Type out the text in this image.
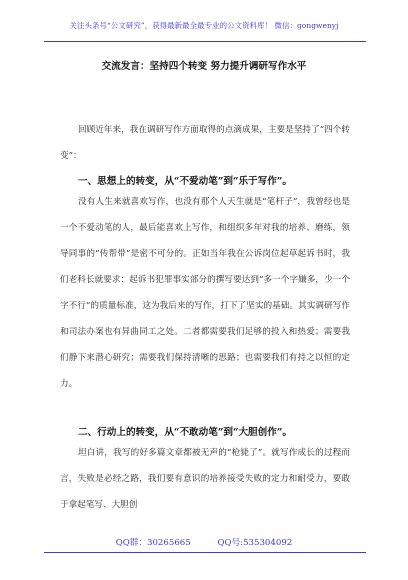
关注头条号“公文研究”，获得最新最全最专业的公文资料库！ 微信：gongwenyj
交流发言：坚持四个转变 努力提升调研写作水平
回顾近年来，我在调研写作方面取得的点滴成果，主要是坚持了“四个转变”：
一、思想上的转变，从“不爱动笔”到“乐于写作”。
没有人生来就喜欢写作，也没有那个人天生就是“笔杆子”，我曾经也是一个不爱动笔的人，最后能喜欢上写作，和组织多年对我的培养、磨练，领导同事的“传帮带”是密不可分的。正如当年我在公诉岗位起草起诉书时，我们老科长就要求：起诉书犯罪事实部分的撰写要达到“多一个字嫌多，少一个字不行”的质量标准，这为我后来的写作，打下了坚实的基础。其实调研写作和司法办案也有异曲同工之处。二者都需要我们足够的投入和热爱；需要我们静下来潜心研究；需要我们保持清晰的思路；也需要我们有持之以恒的定力。
二、行动上的转变，从“不敢动笔”到“大胆创作”。
坦白讲，我写的好多篇文章都被无声的“枪毙了”。就写作成长的过程而言，失败是必经之路，我们要有意识的培养接受失败的定力和耐受力，要敢于拿起笔写、大胆创
QQ群：30265665	QQ号:535304092
